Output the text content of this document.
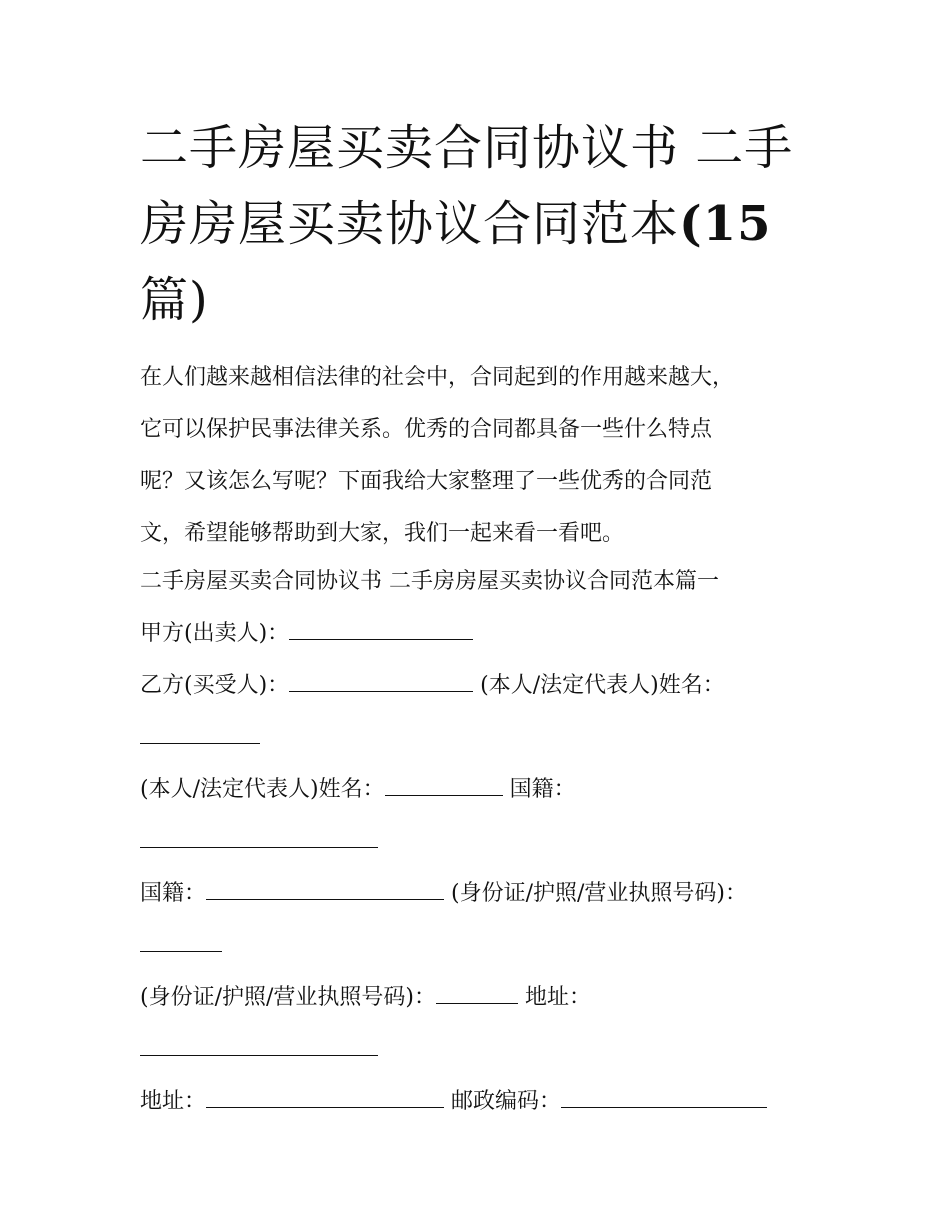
二手房屋买卖合同协议书 二手
房房屋买卖协议合同范本(15
篇)
在人们越来越相信法律的社会中，合同起到的作用越来越大，
它可以保护民事法律关系。优秀的合同都具备一些什么特点
呢？又该怎么写呢？下面我给大家整理了一些优秀的合同范
文，希望能够帮助到大家，我们一起来看一看吧。
二手房屋买卖合同协议书 二手房房屋买卖协议合同范本篇一
甲方(出卖人)：
乙方(买受人)：	(本人/法定代表人)姓名：
(本人/法定代表人)姓名：	国籍：
国籍：	(身份证/护照/营业执照号码)：
(身份证/护照/营业执照号码)：	地址：
地址：	邮政编码：
